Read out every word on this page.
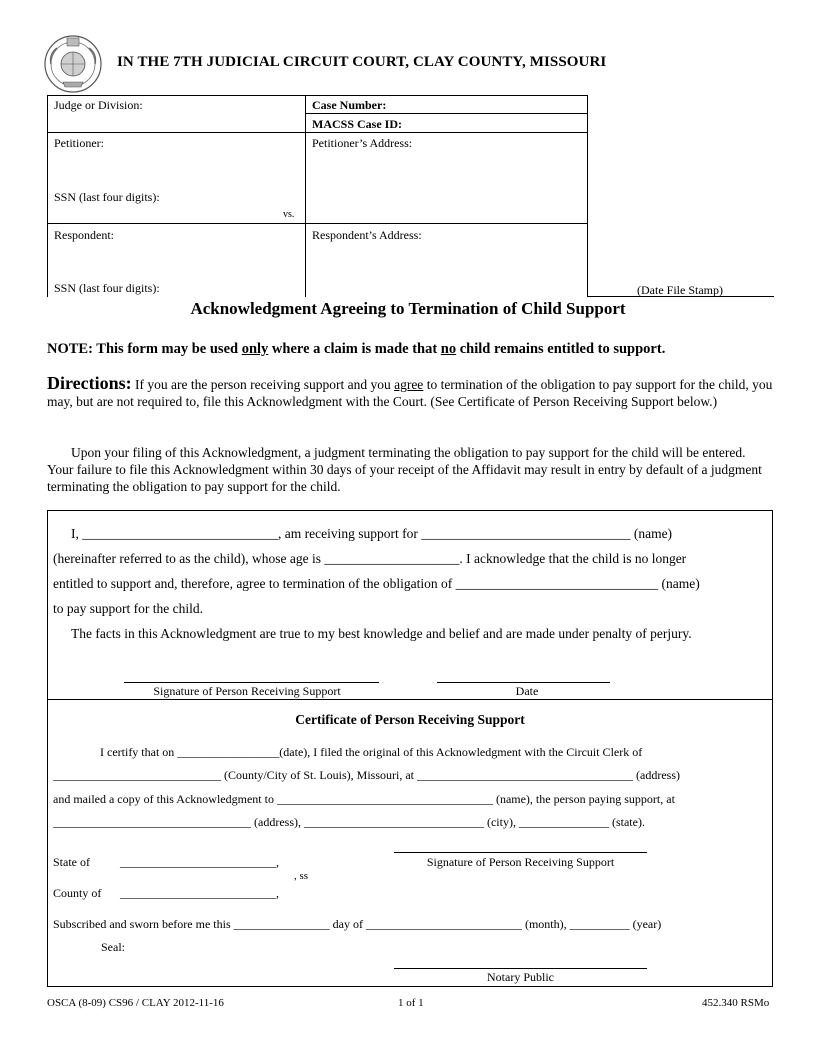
IN THE 7TH JUDICIAL CIRCUIT COURT, CLAY COUNTY, MISSOURI
Judge or Division:	Case Number:
MACSS Case ID:
Petitioner:	Petitioner’s Address:
SSN (last four digits):
vs.
Respondent:	Respondent’s Address:
SSN (last four digits):	(Date File Stamp)
Acknowledgment Agreeing to Termination of Child Support
NOTE: This form may be used only where a claim is made that no child remains entitled to support.
Directions: If you are the person receiving support and you agree to termination of the obligation to pay support for the child, you may, but are not required to, file this Acknowledgment with the Court. (See Certificate of Person Receiving Support below.)
Upon your filing of this Acknowledgment, a judgment terminating the obligation to pay support for the child will be entered. Your failure to file this Acknowledgment within 30 days of your receipt of the Affidavit may result in entry by default of a judgment terminating the obligation to pay support for the child.
I, _____________________________, am receiving support for _______________________________ (name)
(hereinafter referred to as the child), whose age is ____________________. I acknowledge that the child is no longer
entitled to support and, therefore, agree to termination of the obligation of ______________________________ (name)
to pay support for the child.
The facts in this Acknowledgment are true to my best knowledge and belief and are made under penalty of perjury.
Signature of Person Receiving Support	Date
Certificate of Person Receiving Support
I certify that on _________________(date), I filed the original of this Acknowledgment with the Circuit Clerk of
____________________________ (County/City of St. Louis), Missouri, at ____________________________________ (address)
and mailed a copy of this Acknowledgment to ____________________________________ (name), the person paying support, at
_________________________________ (address), ______________________________ (city), _______________ (state).
State of	__________________________,
, ss
County of __________________________,
Signature of Person Receiving Support
Subscribed and sworn before me this ________________ day of __________________________ (month), __________ (year)
Seal:
Notary Public
OSCA (8-09) CS96 / CLAY 2012-11-16	1 of 1	452.340 RSMo
